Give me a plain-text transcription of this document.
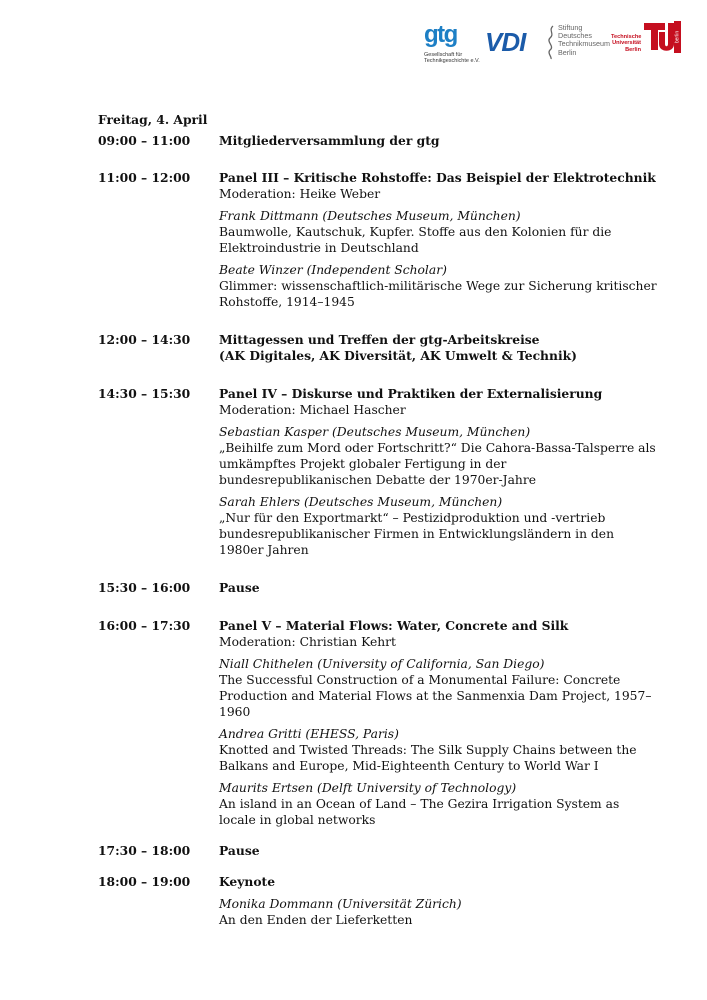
gtg
Gesellschaft für
Technikgeschichte e.V.
VDI	Stiftung
Deutsches
Technikmuseum
Berlin
Technische
Universität
Berlin
berlin
Freitag, 4. April
09:00 – 11:00	Mitgliederversammlung der gtg
11:00 – 12:00	Panel III – Kritische Rohstoffe: Das Beispiel der Elektrotechnik
Moderation: Heike Weber
Frank Dittmann (Deutsches Museum, München)
Baumwolle, Kautschuk, Kupfer. Stoffe aus den Kolonien für die Elektroindustrie in Deutschland
Beate Winzer (Independent Scholar)
Glimmer: wissenschaftlich-militärische Wege zur Sicherung kritischer Rohstoffe, 1914–1945
12:00 – 14:30	Mittagessen und Treffen der gtg-Arbeitskreise
(AK Digitales, AK Diversität, AK Umwelt & Technik)
14:30 – 15:30	Panel IV – Diskurse und Praktiken der Externalisierung
Moderation: Michael Hascher
Sebastian Kasper (Deutsches Museum, München)
„Beihilfe zum Mord oder Fortschritt?“ Die Cahora-Bassa-Talsperre als umkämpftes Projekt globaler Fertigung in der bundesrepublikanischen Debatte der 1970er-Jahre
Sarah Ehlers (Deutsches Museum, München)
„Nur für den Exportmarkt“ – Pestizidproduktion und -vertrieb bundesrepublikanischer Firmen in Entwicklungsländern in den 1980er Jahren
15:30 – 16:00	Pause
16:00 – 17:30	Panel V – Material Flows: Water, Concrete and Silk
Moderation: Christian Kehrt
Niall Chithelen (University of California, San Diego)
The Successful Construction of a Monumental Failure: Concrete Production and Material Flows at the Sanmenxia Dam Project, 1957–1960
Andrea Gritti (EHESS, Paris)
Knotted and Twisted Threads: The Silk Supply Chains between the Balkans and Europe, Mid-Eighteenth Century to World War I
Maurits Ertsen (Delft University of Technology)
An island in an Ocean of Land – The Gezira Irrigation System as locale in global networks
17:30 – 18:00	Pause
18:00 – 19:00	Keynote
Monika Dommann (Universität Zürich)
An den Enden der Lieferketten
